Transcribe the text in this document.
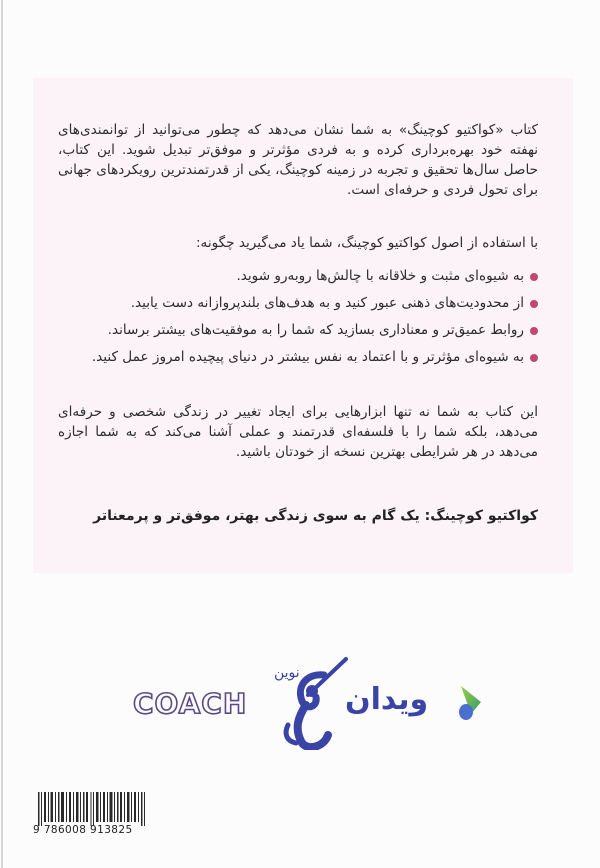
کتاب «کواکتیو کوچینگ» به شما نشان می‌دهد که چطور می‌توانید از توانمندی‌های نهفته خود بهره‌برداری کرده و به فردی مؤثرتر و موفق‌تر تبدیل شوید. این کتاب، حاصل سال‌ها تحقیق و تجربه در زمینه کوچینگ، یکی از قدرتمندترین رویکردهای جهانی برای تحول فردی و حرفه‌ای است.

با استفاده از اصول کواکتیو کوچینگ، شما یاد می‌گیرید چگونه:

به شیوه‌ای مثبت و خلاقانه با چالش‌ها روبه‌رو شوید.
از محدودیت‌های ذهنی عبور کنید و به هدف‌های بلندپروازانه دست یابید.
روابط عمیق‌تر و معناداری بسازید که شما را به موفقیت‌های بیشتر برساند.
به شیوه‌ای مؤثرتر و با اعتماد به نفس بیشتر در دنیای پیچیده امروز عمل کنید.

این کتاب به شما نه تنها ابزارهایی برای ایجاد تغییر در زندگی شخصی و حرفه‌ای می‌دهد، بلکه شما را با فلسفه‌ای قدرتمند و عملی آشنا می‌کند که به شما اجازه می‌دهد در هر شرایطی بهترین نسخه از خودتان باشید.

کواکتیو کوچینگ: یک گام به سوی زندگی بهتر، موفق‌تر و پرمعناتر

COACH
نوین
ویدان
9 786008 913825
